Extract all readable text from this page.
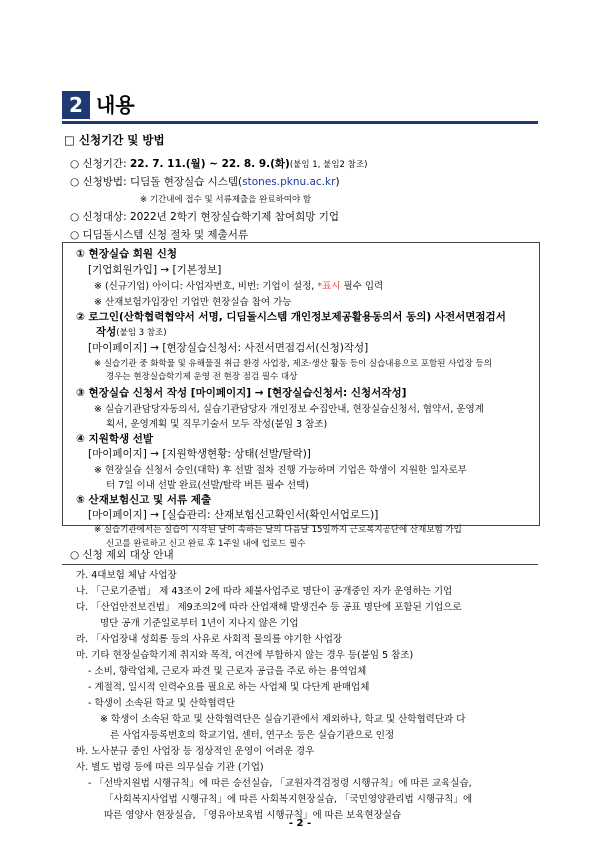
2 내용
□ 신청기간 및 방법
○ 신청기간: 22. 7. 11.(월) ~ 22. 8. 9.(화)(붙임 1, 붙임2 참조)
○ 신청방법: 디딤돌 현장실습 시스템(stones.pknu.ac.kr)
※ 기간내에 접수 및 서류제출을 완료하여야 함
○ 신청대상: 2022년 2학기 현장실습학기제 참여희망 기업
○ 디딤돌시스템 신청 절차 및 제출서류
① 현장실습 회원 신청
[기업회원가입] → [기본정보]
※ (신규기업) 아이디: 사업자번호, 비번: 기업이 설정, *표시 필수 입력
※ 산재보험가입장인 기업만 현장실습 참여 가능
② 로그인(산학협력협약서 서명, 디딤돌시스템 개인정보제공활용동의서 동의) 사전서면점검서
작성(붙임 3 참조)
[마이페이지] → [현장실습신청서: 사전서면점검서(신청)작성]
※ 실습기관 중 화학물 및 유해물질 취급 환경 사업장, 제조·생산 활동 등이 실습내용으로 포함된 사업장 등의
경우는 현장실습학기제 운영 전 현장 점검 필수 대상
③ 현장실습 신청서 작성 [마이페이지] → [현장실습신청서: 신청서작성]
※ 실습기관담당자동의서, 실습기관담당자 개인정보 수집안내, 현장실습신청서, 협약서, 운영계
획서, 운영계획 및 직무기술서 모두 작성(붙임 3 참조)
④ 지원학생 선발
[마이페이지] → [지원학생현황: 상태(선발/탈락)]
※ 현장실습 신청서 승인(대학) 후 선발 절차 진행 가능하며 기업은 학생이 지원한 일자로부
터 7일 이내 선발 완료(선발/탈락 버튼 필수 선택)
⑤ 산재보험신고 및 서류 제출
[마이페이지] → [실습관리: 산재보험신고확인서(확인서업로드)]
※ 실습기관에서는 실습이 시작된 날이 속하는 달의 다음달 15일까지 근로복지공단에 산재보험 가입
신고를 완료하고 신고 완료 후 1주일 내에 업로드 필수
○ 신청 제외 대상 안내
가. 4대보험 체납 사업장
나. 「근로기준법」 제 43조이 2에 따라 체불사업주로 명단이 공개중인 자가 운영하는 기업
다. 「산업안전보건법」 제9조의2에 따라 산업재해 발생건수 등 공표 명단에 포함된 기업으로
명단 공개 기준일로부터 1년이 지나지 않은 기업
라. 「사업장내 성희롱 등의 사유로 사회적 물의를 야기한 사업장
마. 기타 현장실습학기제 취지와 목적, 여건에 부합하지 않는 경우 등(붙임 5 참조)
- 소비, 향락업체, 근로자 파견 및 근로자 공급을 주로 하는 용역업체
- 계절적, 일시적 인력수요를 필요로 하는 사업체 및 다단계 판매업체
- 학생이 소속된 학교 및 산학협력단
※ 학생이 소속된 학교 및 산학협력단은 실습기관에서 제외하나, 학교 및 산학협력단과 다
른 사업자등록번호의 학교기업, 센터, 연구소 등은 실습기관으로 인정
바. 노사분규 중인 사업장 등 정상적인 운영이 어려운 경우
- 2 -
사. 별도 법령 등에 따른 의무실습 기관 (기업)
- 「선박지원법 시행규칙」에 따른 승선실습, 「교원자격검정령 시행규칙」에 따른 교육실습,
「사회복지사업법 시행규칙」에 따른 사회복지현장실습, 「국민영양관리법 시행규칙」에
따른 영양사 현장실습, 「영유아보육법 시행규칙」에 따른 보육현장실습
